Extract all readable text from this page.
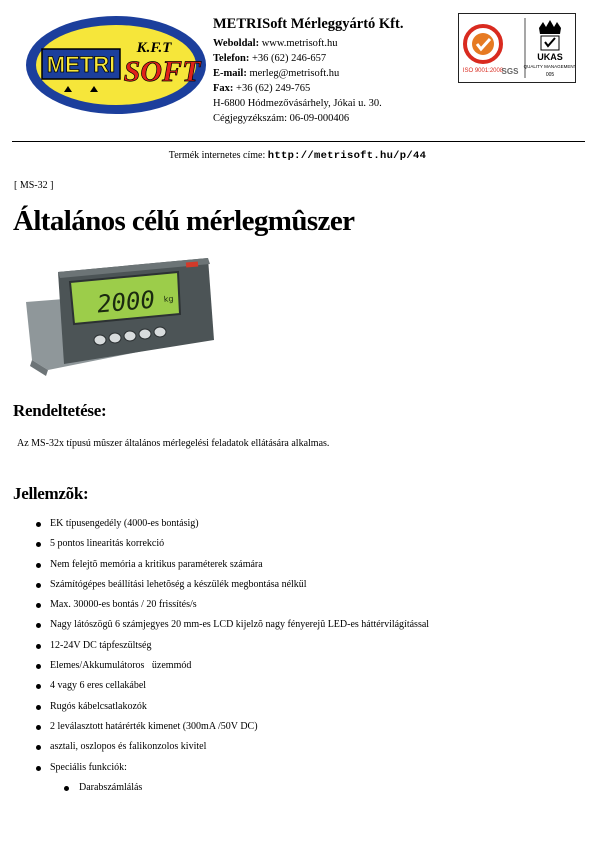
METRI SOFT
K.F.T
METRISoft Mérleggyártó Kft.
Weboldal: www.metrisoft.hu
Telefon: +36 (62) 246-657
E-mail: merleg@metrisoft.hu
Fax: +36 (62) 249-765
H-6800 Hódmezővásárhely, Jókai u. 30.
Cégjegyzékszám: 06-09-000406
ISO 9001:2008
SGS
UKAS
QUALITY MANAGEMENT
005
Termék internetes címe: http://metrisoft.hu/p/44
[ MS-32 ]
Általános célú mérlegmûszer
2000 kg
Rendeltetése:
Az MS-32x típusú mûszer általános mérlegelési feladatok ellátására alkalmas.
Jellemzõk:
EK típusengedély (4000-es bontásig)
5 pontos linearitás korrekció
Nem felejtõ memória a kritikus paraméterek számára
Számítógépes beállítási lehetõség a készülék megbontása nélkül
Max. 30000-es bontás / 20 frissítés/s
Nagy látószögû 6 számjegyes 20 mm-es LCD kijelzõ nagy fényerejû LED-es háttérvilágítással
12-24V DC tápfeszültség
Elemes/Akkumulátoros   üzemmód
4 vagy 6 eres cellakábel
Rugós kábelcsatlakozók
2 leválasztott határérték kimenet (300mA /50V DC)
asztali, oszlopos és falikonzolos kivitel
Speciális funkciók:
Darabszámlálás
